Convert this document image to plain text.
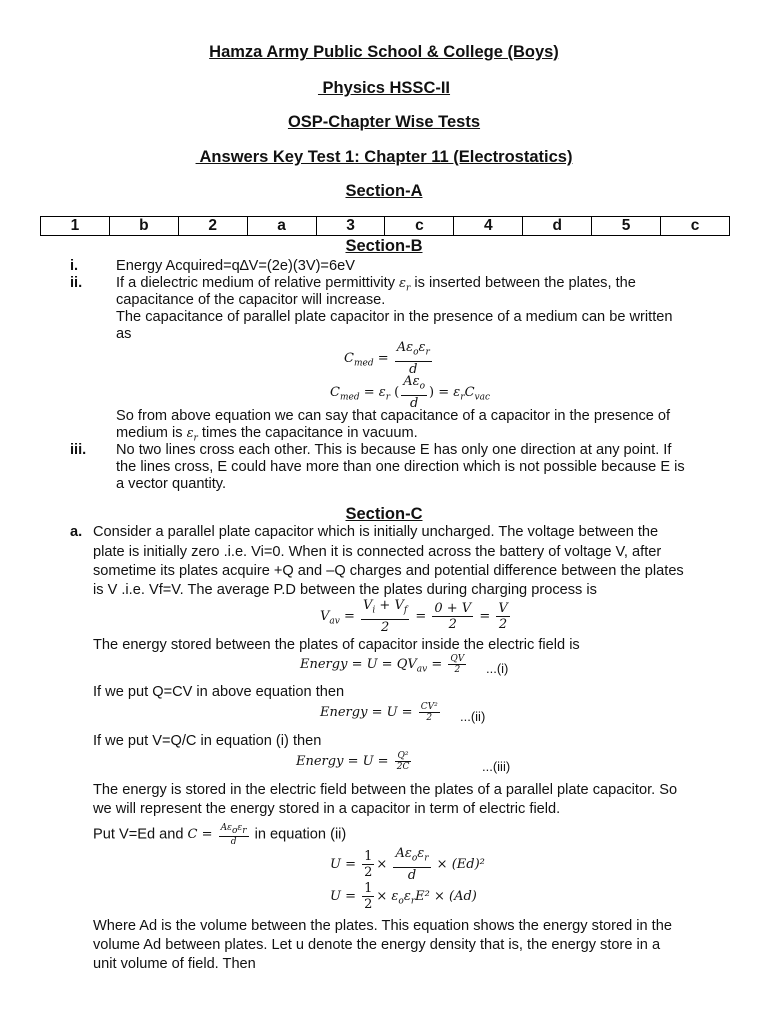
Hamza Army Public School & College (Boys)
Physics HSSC-II
OSP-Chapter Wise Tests
Answers Key Test 1: Chapter 11 (Electrostatics)
Section-A
1	b	2	a	3	c	4	d	5	c
Section-B
i.	Energy Acquired=q∆V=(2e)(3V)=6eV
ii. If a dielectric medium of relative permittivity $\varepsilon_r$ is inserted between the plates, the
capacitance of the capacitor will increase.
The capacitance of parallel plate capacitor in the presence of a medium can be written
as
$C_{med} = \frac{A\varepsilon_o\varepsilon_r}{d}$
$C_{med} = \varepsilon_r$ ( $\frac{A\varepsilon_o}{d}$ ) = $\varepsilon_rC_{vac}$
So from above equation we can say that capacitance of a capacitor in the presence of
medium is $\varepsilon_r$ times the capacitance in vacuum.
iii. No two lines cross each other. This is because E has only one direction at any point. If
the lines cross, E could have more than one direction which is not possible because E is
a vector quantity.
Section-C
a. Consider a parallel plate capacitor which is initially uncharged. The voltage between the
plate is initially zero .i.e. Vi=0. When it is connected across the battery of voltage V, after
sometime its plates acquire +Q and –Q charges and potential difference between the plates
is V .i.e. Vf=V. The average P.D between the plates during charging process is
$V_{av} = \frac{V_i + V_f}{2} = \frac{0 + V}{2} = \frac{V}{2}$
The energy stored between the plates of capacitor inside the electric field is
Energy = $U = QV_{av} = \frac{QV}{2} ...(i)$
If we put Q=CV in above equation then
Energy = $U = \frac{\text{CV²}}{2} ...(ii)$
If we put V=Q/C in equation (i) then
Energy = $U = \frac{\text{Q²}}{2C}$	...(iii)
The energy is stored in the electric field between the plates of a parallel plate capacitor. So
we will represent the energy stored in a capacitor in term of electric field.
Put V=Ed and $C = \frac{A\varepsilon_o\varepsilon_r}{d}$ in equation (ii)
$U = \frac{1}{2} \times \frac{A\varepsilon_o\varepsilon_r}{d} \times (Ed)^2$
$U = \frac{1}{2} \times \varepsilon_o\varepsilon_rE^2 \times (Ad)$
Where Ad is the volume between the plates. This equation shows the energy stored in the
volume Ad between plates. Let u denote the energy density that is, the energy store in a
unit volume of field. Then
